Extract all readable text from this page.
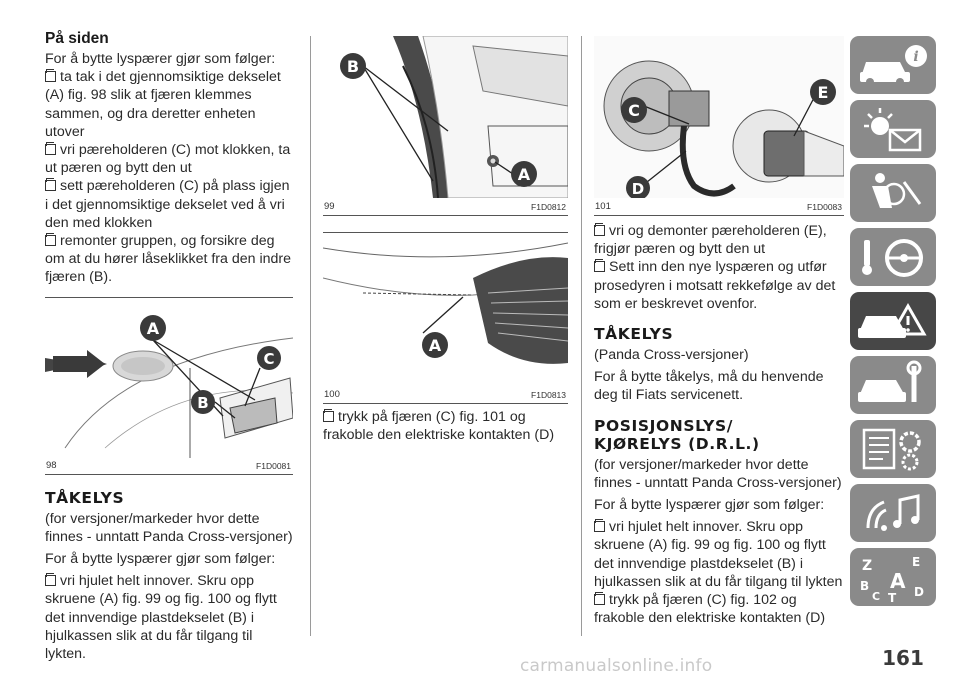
På siden

For å bytte lyspærer gjør som følger:

ta tak i det gjennomsiktige dekselet (A) fig. 98 slik at fjæren klemmes sammen, og dra deretter enheten utover

vri pæreholderen (C) mot klokken, ta ut pæren og bytt den ut

sett pæreholderen (C) på plass igjen i det gjennomsiktige dekselet ved å vri den med klokken

remonter gruppen, og forsikre deg om at du hører låseklikket fra den indre fjæren (B).

A
C
B
98	F1D0081
TÅKELYS

(for versjoner/markeder hvor dette finnes - unntatt Panda Cross-versjoner)

For å bytte lyspærer gjør som følger:

vri hjulet helt innover. Skru opp skruene (A) fig. 99 og fig. 100 og flytt det innvendige plastdekselet (B) i hjulkassen slik at du får tilgang til lykten.

B
A
99	F1D0812
A
100	F1D0813

trykk på fjæren (C) fig. 101 og frakoble den elektriske kontakten (D)

E
C
D
101	F1D0083

vri og demonter pæreholderen (E), frigjør pæren og bytt den ut

Sett inn den nye lyspæren og utfør prosedyren i motsatt rekkefølge av det som er beskrevet ovenfor.

TÅKELYS

(Panda Cross-versjoner)

For å bytte tåkelys, må du henvende deg til Fiats servicenett.

POSISJONSLYS/
KJØRELYS (D.R.L.)

(for versjoner/markeder hvor dette finnes - unntatt Panda Cross-versjoner)

For å bytte lyspærer gjør som følger:

vri hjulet helt innover. Skru opp skruene (A) fig. 99 og fig. 100 og flytt det innvendige plastdekselet (B) i hjulkassen slik at du får tilgang til lykten

trykk på fjæren (C) fig. 102 og frakoble den elektriske kontakten (D)

i
Z	E
B A
C T D
161
carmanualsonline.info
